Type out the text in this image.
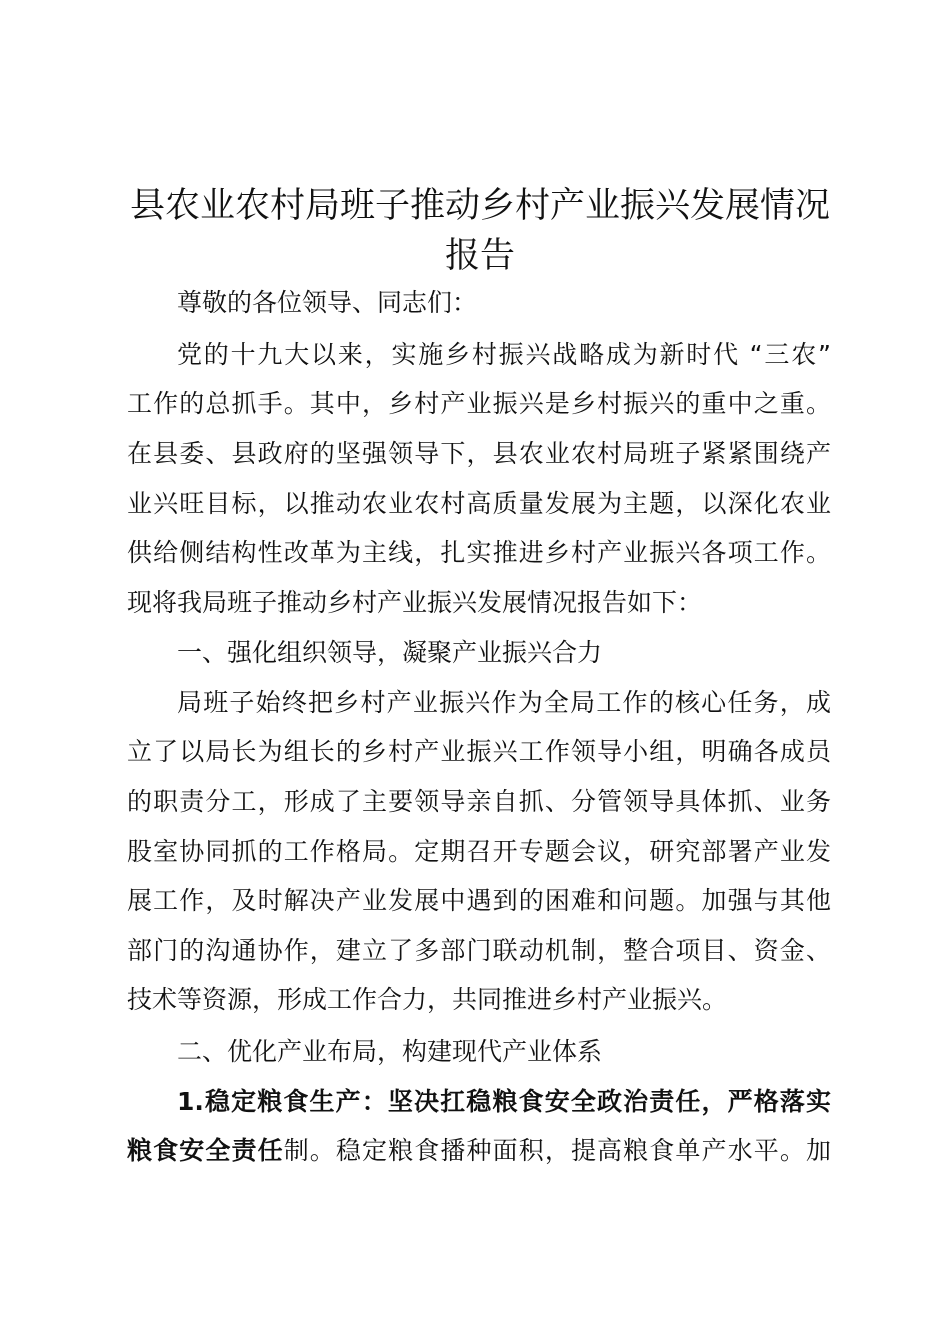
县农业农村局班子推动乡村产业振兴发展情况
报告

尊敬的各位领导、同志们：

党的十九大以来，实施乡村振兴战略成为新时代 “三农”

工作的总抓手。其中，乡村产业振兴是乡村振兴的重中之重。

在县委、县政府的坚强领导下，县农业农村局班子紧紧围绕产

业兴旺目标，以推动农业农村高质量发展为主题，以深化农业

供给侧结构性改革为主线，扎实推进乡村产业振兴各项工作。

现将我局班子推动乡村产业振兴发展情况报告如下：

一、强化组织领导，凝聚产业振兴合力

局班子始终把乡村产业振兴作为全局工作的核心任务，成

立了以局长为组长的乡村产业振兴工作领导小组，明确各成员

的职责分工，形成了主要领导亲自抓、分管领导具体抓、业务

股室协同抓的工作格局。定期召开专题会议，研究部署产业发

展工作，及时解决产业发展中遇到的困难和问题。加强与其他

部门的沟通协作，建立了多部门联动机制，整合项目、资金、

技术等资源，形成工作合力，共同推进乡村产业振兴。

二、优化产业布局，构建现代产业体系

1.稳定粮食生产：坚决扛稳粮食安全政治责任，严格落实

粮食安全责任制。稳定粮食播种面积，提高粮食单产水平。加
